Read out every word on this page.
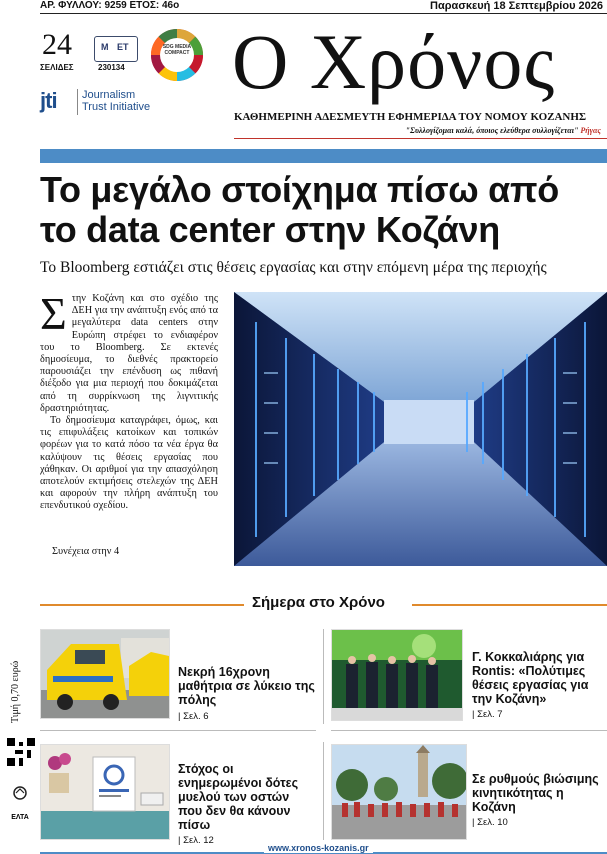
ΑΡ. ΦΥΛΛΟΥ: 9259 ΕΤΟΣ: 46ο	Παρασκευή 18 Σεπτεμβρίου 2026
24
ΣΕΛΙΔΕΣ
M ΕΤ
230134
SDG MEDIA COMPACT
jti Journalism
Trust Initiative
Ο Χρόνος
ΚΑΘΗΜΕΡΙΝΗ ΑΔΕΣΜΕΥΤΗ ΕΦΗΜΕΡΙΔΑ ΤΟΥ ΝΟΜΟΥ ΚΟΖΑΝΗΣ
"Συλλογίζομαι καλά, όποιος ελεύθερα συλλογίζεται" Ρήγας
Το μεγάλο στοίχημα πίσω από
το data center στην Κοζάνη
Το Bloomberg εστιάζει στις θέσεις εργασίας και στην επόμενη μέρα της περιοχής
Σ την Κοζάνη και στο σχέδιο της ΔΕΗ για την ανάπτυξη ενός από τα μεγαλύτερα data centers στην Ευρώπη στρέφει το ενδιαφέρον του το Bloomberg. Σε εκτενές δημοσίευμα, το διεθνές πρακτορείο παρουσιάζει την επένδυση ως πιθανή διέξοδο για μια περιοχή που δοκιμάζεται από τη συρρίκνωση της λιγνιτικής δραστηριότητας.

Το δημοσίευμα καταγράφει, όμως, και τις επιφυλάξεις κατοίκων και τοπικών φορέων για το κατά πόσο τα νέα έργα θα καλύψουν τις θέσεις εργασίας που χάθηκαν. Οι αριθμοί για την απασχόληση αποτελούν εκτιμήσεις στελεχών της ΔΕΗ και αφορούν την πλήρη ανάπτυξη του επενδυτικού σχεδίου.

Συνέχεια στην 4
Σήμερα στο Χρόνο
Τιμή 0,70 ευρώ
ΕΛΤΑ
Νεκρή 16χρονη μαθήτρια σε λύκειο της πόλης
| Σελ. 6
Γ. Κοκκαλιάρης για Rontis: «Πολύτιμες θέσεις εργασίας για την Κοζάνη»
| Σελ. 7
Στόχος οι ενημερωμένοι δότες μυελού των οστών που δεν θα κάνουν πίσω
| Σελ. 12
Σε ρυθμούς βιώσιμης κινητικότητας η Κοζάνη
| Σελ. 10
www.xronos-kozanis.gr
